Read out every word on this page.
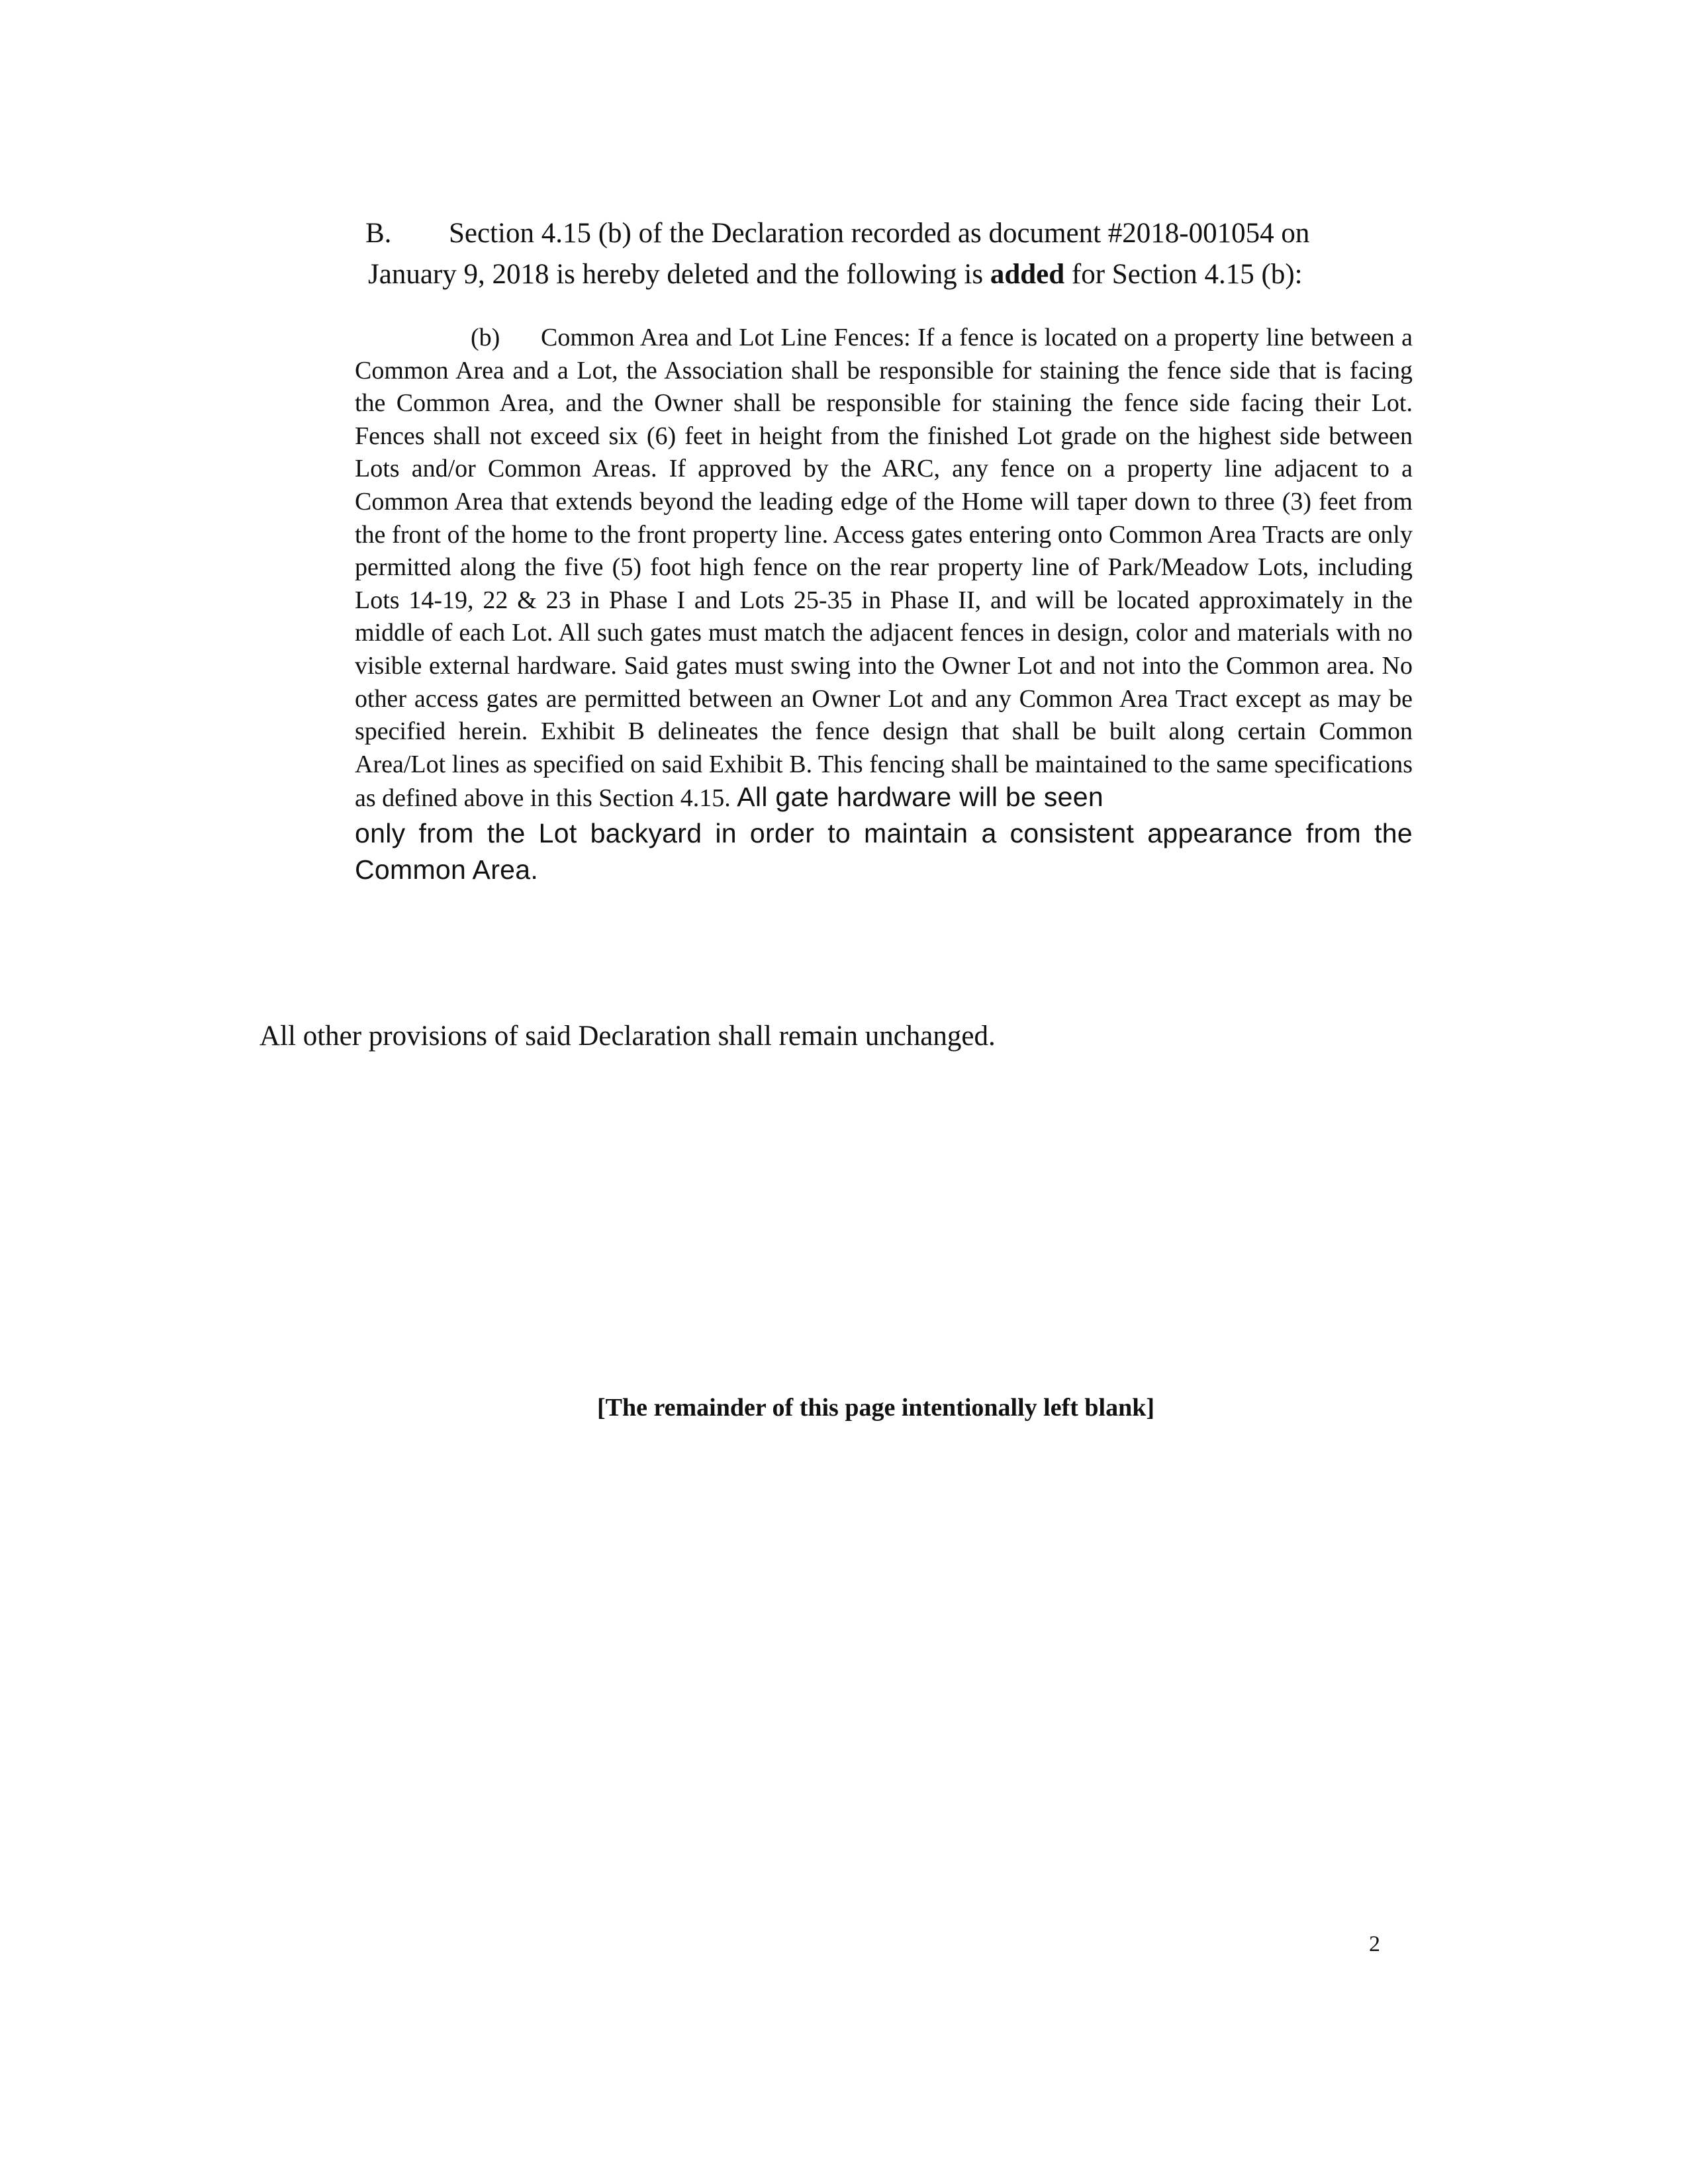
B. Section 4.15 (b) of the Declaration recorded as document #2018-001054 on
January 9, 2018 is hereby deleted and the following is added for Section 4.15 (b):
(b) Common Area and Lot Line Fences: If a fence is located on a property line between a Common Area and a Lot, the Association shall be responsible for staining the fence side that is facing the Common Area, and the Owner shall be responsible for staining the fence side facing their Lot. Fences shall not exceed six (6) feet in height from the finished Lot grade on the highest side between Lots and/or Common Areas. If approved by the ARC, any fence on a property line adjacent to a Common Area that extends beyond the leading edge of the Home will taper down to three (3) feet from the front of the home to the front property line. Access gates entering onto Common Area Tracts are only permitted along the five (5) foot high fence on the rear property line of Park/Meadow Lots, including Lots 14-19, 22 & 23 in Phase I and Lots 25-35 in Phase II, and will be located approximately in the middle of each Lot. All such gates must match the adjacent fences in design, color and materials with no visible external hardware. Said gates must swing into the Owner Lot and not into the Common area. No other access gates are permitted between an Owner Lot and any Common Area Tract except as may be specified herein. Exhibit B delineates the fence design that shall be built along certain Common Area/Lot lines as specified on said Exhibit B. This fencing shall be maintained to the same specifications as defined above in this Section 4.15. All gate hardware will be seen
only from the Lot backyard in order to maintain a consistent appearance from the Common Area.
All other provisions of said Declaration shall remain unchanged.
[The remainder of this page intentionally left blank]
2
